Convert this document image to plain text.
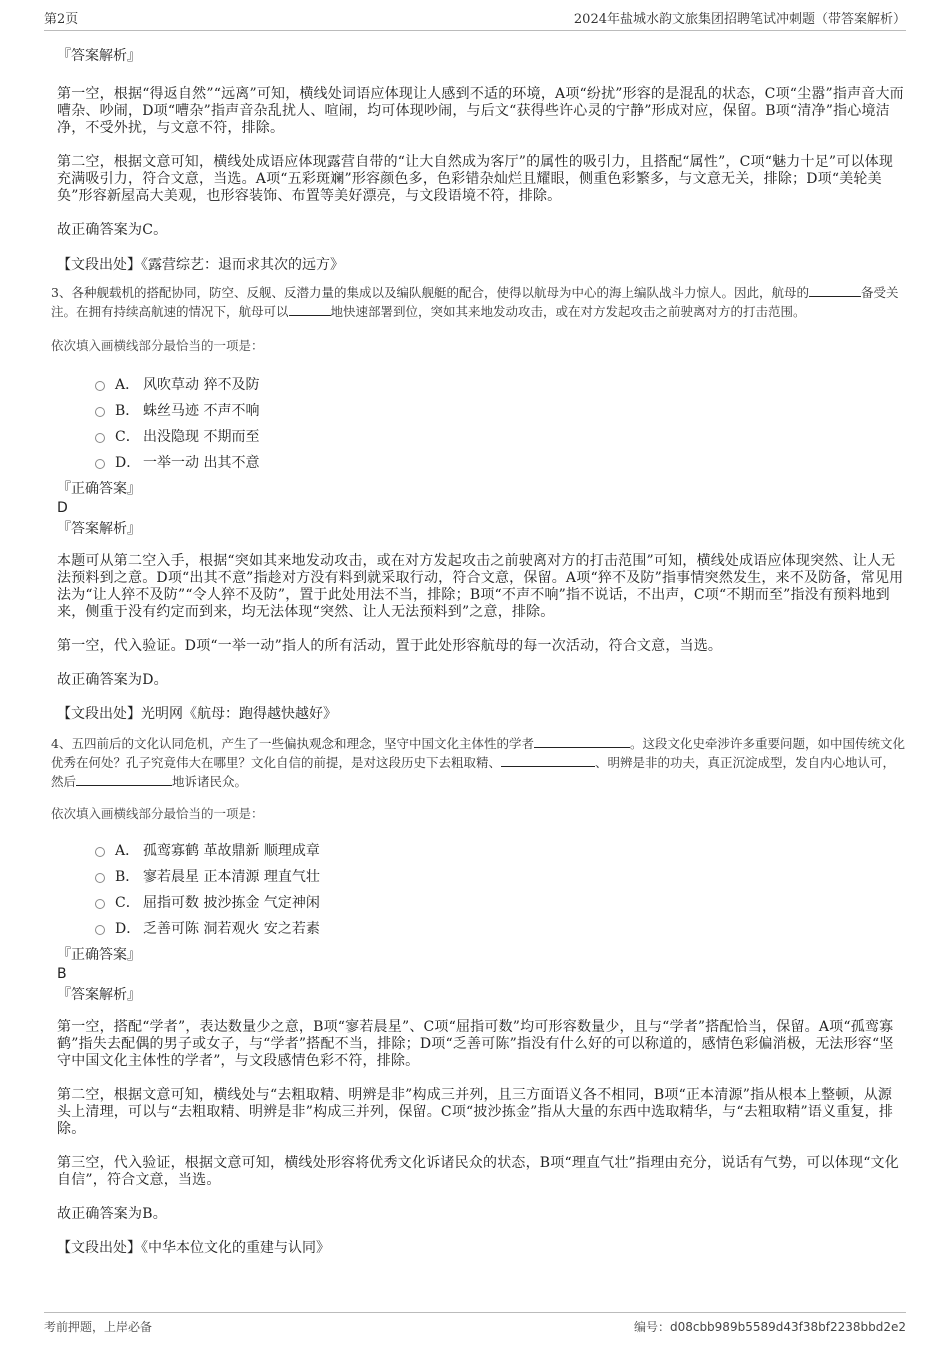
第2页	2024年盐城水韵文旅集团招聘笔试冲刺题（带答案解析）

『答案解析』

第一空，根据“得返自然”“远离”可知，横线处词语应体现让人感到不适的环境，A项“纷扰”形容的是混乱的状态，C项“尘嚣”指声音大而嘈杂、吵闹，D项“嘈杂”指声音杂乱扰人、喧闹，均可体现吵闹，与后文“获得些许心灵的宁静”形成对应，保留。B项“清净”指心境洁净，不受外扰，与文意不符，排除。

第二空，根据文意可知，横线处成语应体现露营自带的“让大自然成为客厅”的属性的吸引力，且搭配“属性”，C项“魅力十足”可以体现充满吸引力，符合文意，当选。A项“五彩斑斓”形容颜色多，色彩错杂灿烂且耀眼，侧重色彩繁多，与文意无关，排除；D项“美轮美奂”形容新屋高大美观，也形容装饰、布置等美好漂亮，与文段语境不符，排除。

故正确答案为C。

【文段出处】《露营综艺：退而求其次的远方》

3、各种舰载机的搭配协同，防空、反舰、反潜力量的集成以及编队舰艇的配合，使得以航母为中心的海上编队战斗力惊人。因此，航母的	备受关注。在拥有持续高航速的情况下，航母可以	地快速部署到位，突如其来地发动攻击，或在对方发起攻击之前驶离对方的打击范围。

依次填入画横线部分最恰当的一项是：

A． 风吹草动 猝不及防
B． 蛛丝马迹 不声不响
C． 出没隐现 不期而至
D． 一举一动 出其不意

『正确答案』

D

『答案解析』

本题可从第二空入手，根据“突如其来地发动攻击，或在对方发起攻击之前驶离对方的打击范围”可知，横线处成语应体现突然、让人无法预料到之意。D项“出其不意”指趁对方没有料到就采取行动，符合文意，保留。A项“猝不及防”指事情突然发生，来不及防备，常见用法为“让人猝不及防”“令人猝不及防”，置于此处用法不当，排除；B项“不声不响”指不说话，不出声，C项“不期而至”指没有预料地到来，侧重于没有约定而到来，均无法体现“突然、让人无法预料到”之意，排除。

第一空，代入验证。D项“一举一动”指人的所有活动，置于此处形容航母的每一次活动，符合文意，当选。

故正确答案为D。

【文段出处】光明网《航母：跑得越快越好》

4、五四前后的文化认同危机，产生了一些偏执观念和理念，坚守中国文化主体性的学者	。这段文化史牵涉许多重要问题，如中国传统文化优秀在何处？孔子究竟伟大在哪里？文化自信的前提，是对这段历史下去粗取精、	、明辨是非的功夫，真正沉淀成型，发自内心地认可，然后	地诉诸民众。

依次填入画横线部分最恰当的一项是：

A． 孤鸾寡鹤 革故鼎新 顺理成章
B． 寥若晨星 正本清源 理直气壮
C． 屈指可数 披沙拣金 气定神闲
D． 乏善可陈 洞若观火 安之若素

『正确答案』

B

『答案解析』

第一空，搭配“学者”，表达数量少之意，B项“寥若晨星”、C项“屈指可数”均可形容数量少，且与“学者”搭配恰当，保留。A项“孤鸾寡鹤”指失去配偶的男子或女子，与“学者”搭配不当，排除；D项“乏善可陈”指没有什么好的可以称道的，感情色彩偏消极，无法形容“坚守中国文化主体性的学者”，与文段感情色彩不符，排除。

第二空，根据文意可知，横线处与“去粗取精、明辨是非”构成三并列，且三方面语义各不相同，B项“正本清源”指从根本上整顿，从源头上清理，可以与“去粗取精、明辨是非”构成三并列，保留。C项“披沙拣金”指从大量的东西中选取精华，与“去粗取精”语义重复，排除。

第三空，代入验证，根据文意可知，横线处形容将优秀文化诉诸民众的状态，B项“理直气壮”指理由充分，说话有气势，可以体现“文化自信”，符合文意，当选。

故正确答案为B。

【文段出处】《中华本位文化的重建与认同》

考前押题，上岸必备	编号：d08cbb989b5589d43f38bf2238bbd2e2
